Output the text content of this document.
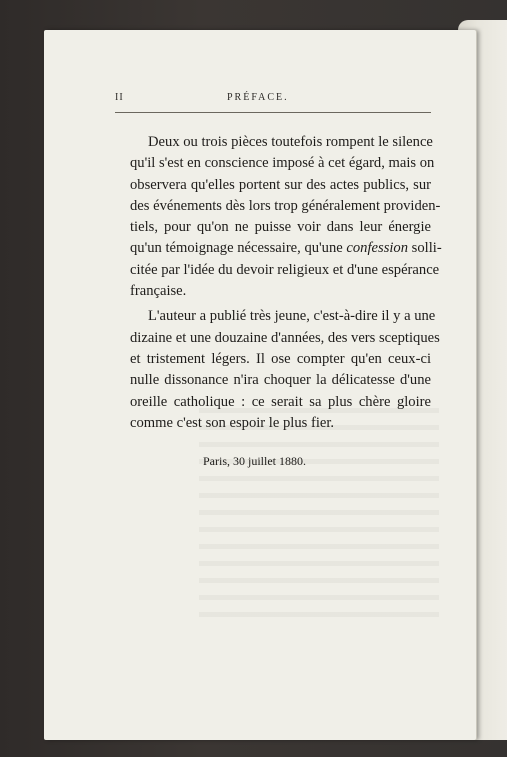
II	PRÉFACE.

Deux ou trois pièces toutefois rompent le silence
qu'il s'est en conscience imposé à cet égard, mais on
observera qu'elles portent sur des actes publics, sur
des événements dès lors trop généralement providen-
tiels, pour qu'on ne puisse voir dans leur énergie
qu'un témoignage nécessaire, qu'une confession solli-
citée par l'idée du devoir religieux et d'une espérance
française.

L'auteur a publié très jeune, c'est-à-dire il y a une
dizaine et une douzaine d'années, des vers sceptiques
et tristement légers. Il ose compter qu'en ceux-ci
nulle dissonance n'ira choquer la délicatesse d'une
oreille catholique : ce serait sa plus chère gloire
comme c'est son espoir le plus fier.

Paris, 30 juillet 1880.
